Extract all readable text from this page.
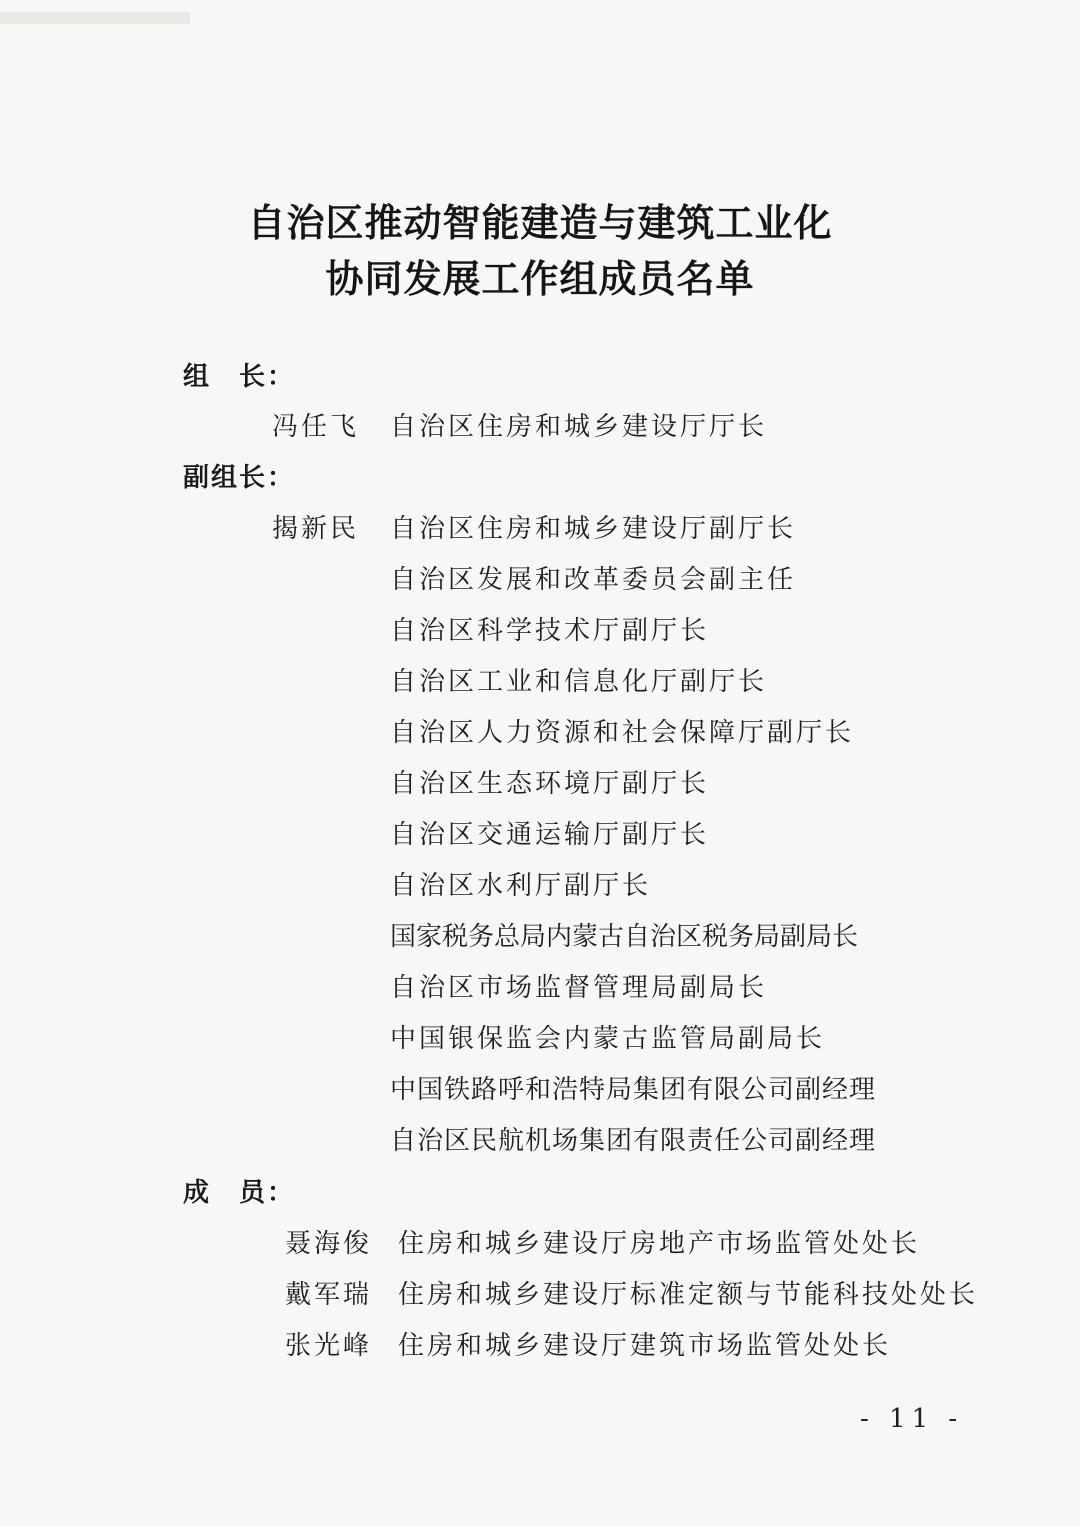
自治区推动智能建造与建筑工业化
协同发展工作组成员名单
组　长：
冯任飞 自治区住房和城乡建设厅厅长
副组长：
揭新民 自治区住房和城乡建设厅副厅长
自治区发展和改革委员会副主任
自治区科学技术厅副厅长
自治区工业和信息化厅副厅长
自治区人力资源和社会保障厅副厅长
自治区生态环境厅副厅长
自治区交通运输厅副厅长
自治区水利厅副厅长
国家税务总局内蒙古自治区税务局副局长
自治区市场监督管理局副局长
中国银保监会内蒙古监管局副局长
中国铁路呼和浩特局集团有限公司副经理
自治区民航机场集团有限责任公司副经理
成　员：
聂海俊 住房和城乡建设厅房地产市场监管处处长
戴军瑞 住房和城乡建设厅标准定额与节能科技处处长
张光峰 住房和城乡建设厅建筑市场监管处处长
- 11 -
